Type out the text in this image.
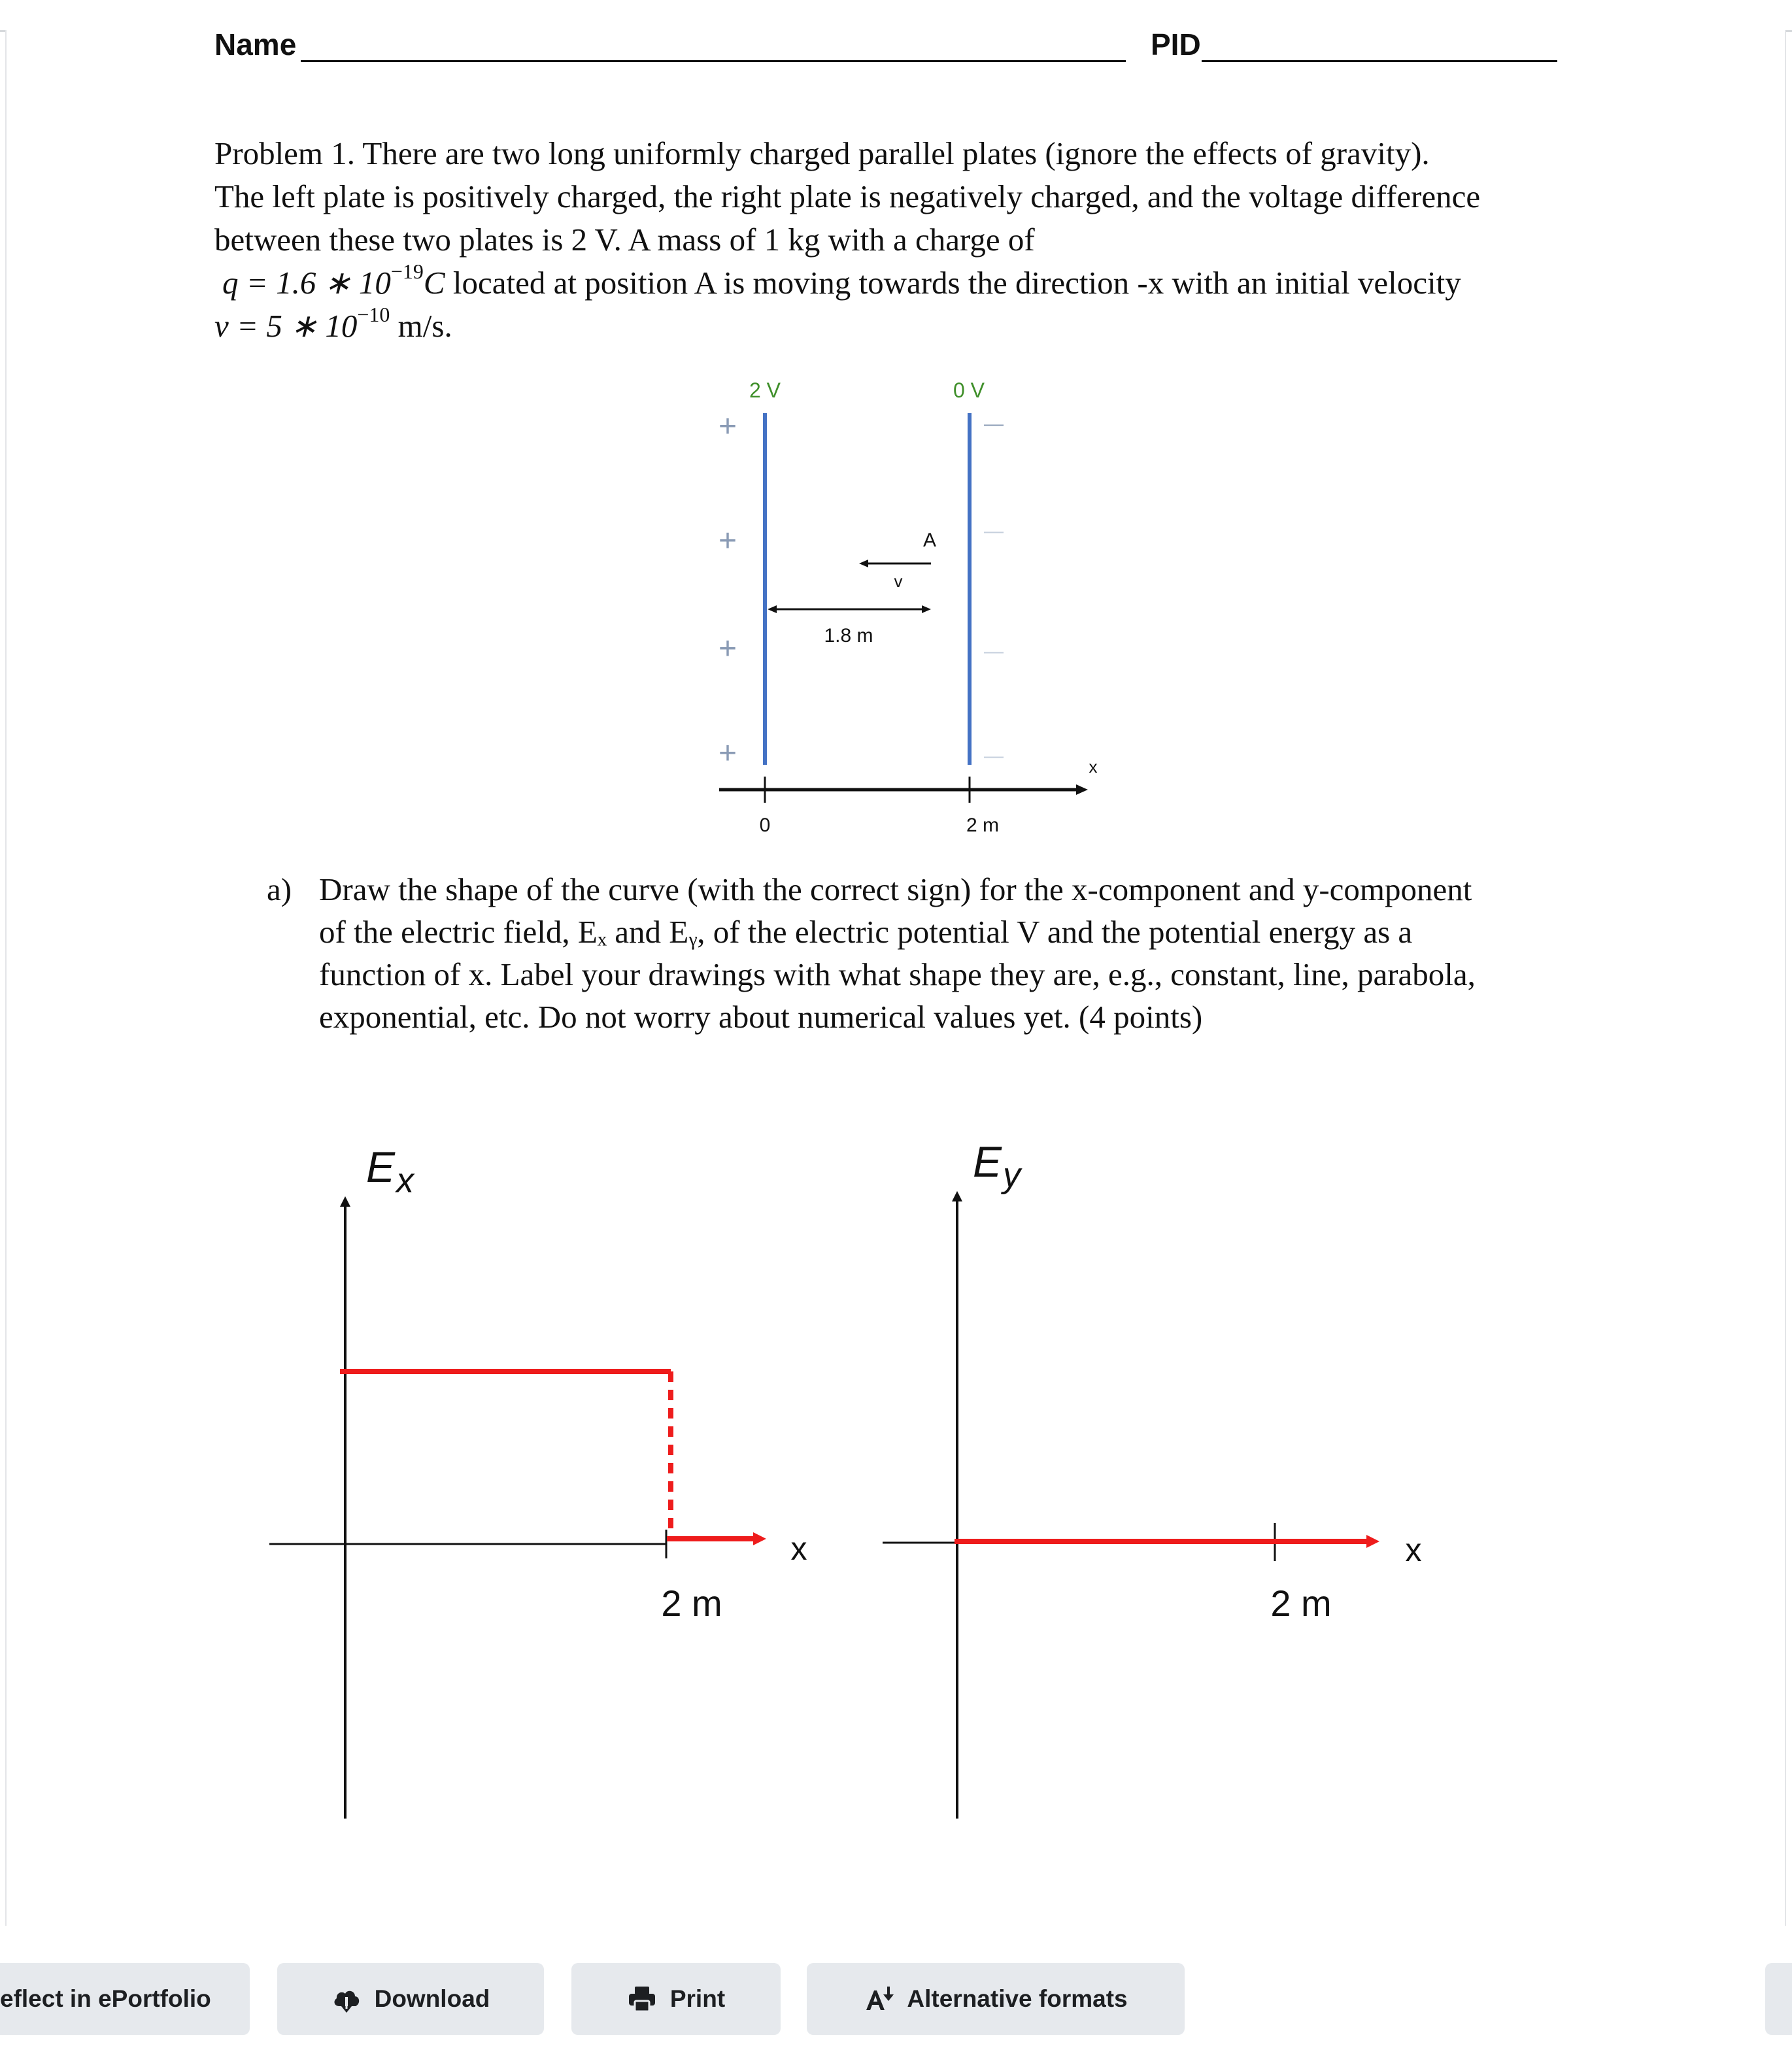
Name	PID
Problem 1. There are two long uniformly charged parallel plates (ignore the effects of gravity).
The left plate is positively charged, the right plate is negatively charged, and the voltage difference
between these two plates is 2 V. A mass of 1 kg with a charge of
q = 1.6 ∗ $10^{-19}C$ located at position A is moving towards the direction -x with an initial velocity
v = 5 ∗ $10^{-10}$ m/s.
2 V	0 V
+
+
+
+
—
—
—
—
A
v
1.8 m
x
0	2 m
a) Draw the shape of the curve (with the correct sign) for the x-component and y-component
of the electric field, Eₓ and Eᵧ, of the electric potential V and the potential energy as a
function of x. Label your drawings with what shape they are, e.g., constant, line, parabola,
exponential, etc. Do not worry about numerical values yet. (4 points)
$E_x$
x
2 m
$E_y$
x
2 m
eflect in ePortfolio	Download	Print	Alternative formats
